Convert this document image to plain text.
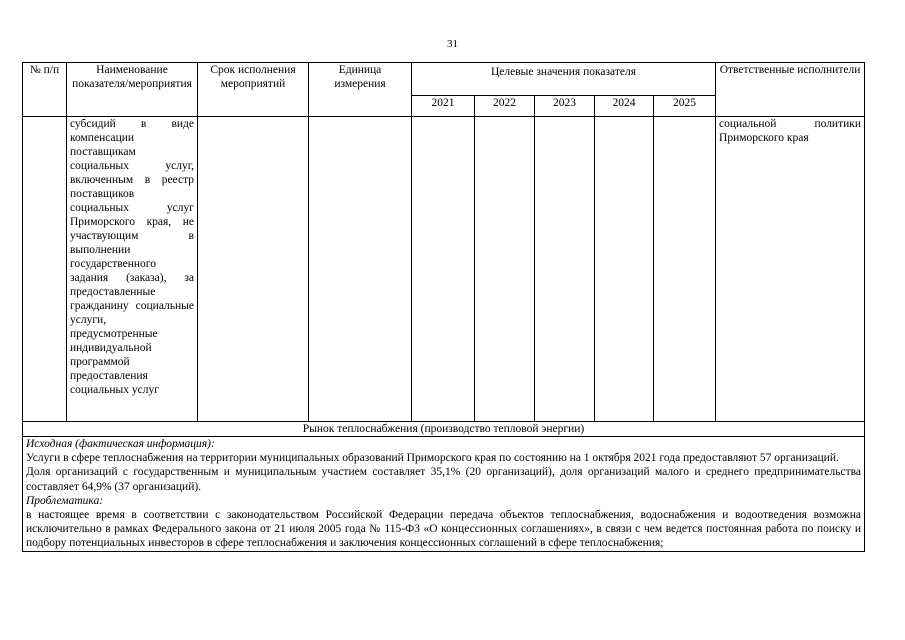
31
№ п/п	Наименование показателя/мероприятия	Срок исполнения мероприятий	Единица измерения	Целевые значения показателя					Ответственные исполнители
				2021	2022	2023	2024	2025	

	субсидий в виде компенсации поставщикам социальных услуг, включенным в реестр поставщиков социальных услуг Приморского края, не участвующим в выполнении государственного задания (заказа), за предоставленные гражданину социальные услуги, предусмотренные индивидуальной программой предоставления социальных услуг								социальной политики Приморского края

Рынок теплоснабжения (производство тепловой энергии)									

Исходная (фактическая информация):

Услуги в сфере теплоснабжения на территории муниципальных образований Приморского края по состоянию на 1 октября 2021 года предоставляют 57 организаций.

Доля организаций с государственным и муниципальным участием составляет 35,1% (20 организаций), доля организаций малого и среднего предпринимательства составляет 64,9% (37 организаций).

Проблематика:

в настоящее время в соответствии с законодательством Российской Федерации передача объектов теплоснабжения, водоснабжения и водоотведения возможна исключительно в рамках Федерального закона от 21 июля 2005 года № 115-ФЗ «О концессионных соглашениях», в связи с чем ведется постоянная работа по поиску и подбору потенциальных инвесторов в сфере теплоснабжения и заключения концессионных соглашений в сфере теплоснабжения;									
